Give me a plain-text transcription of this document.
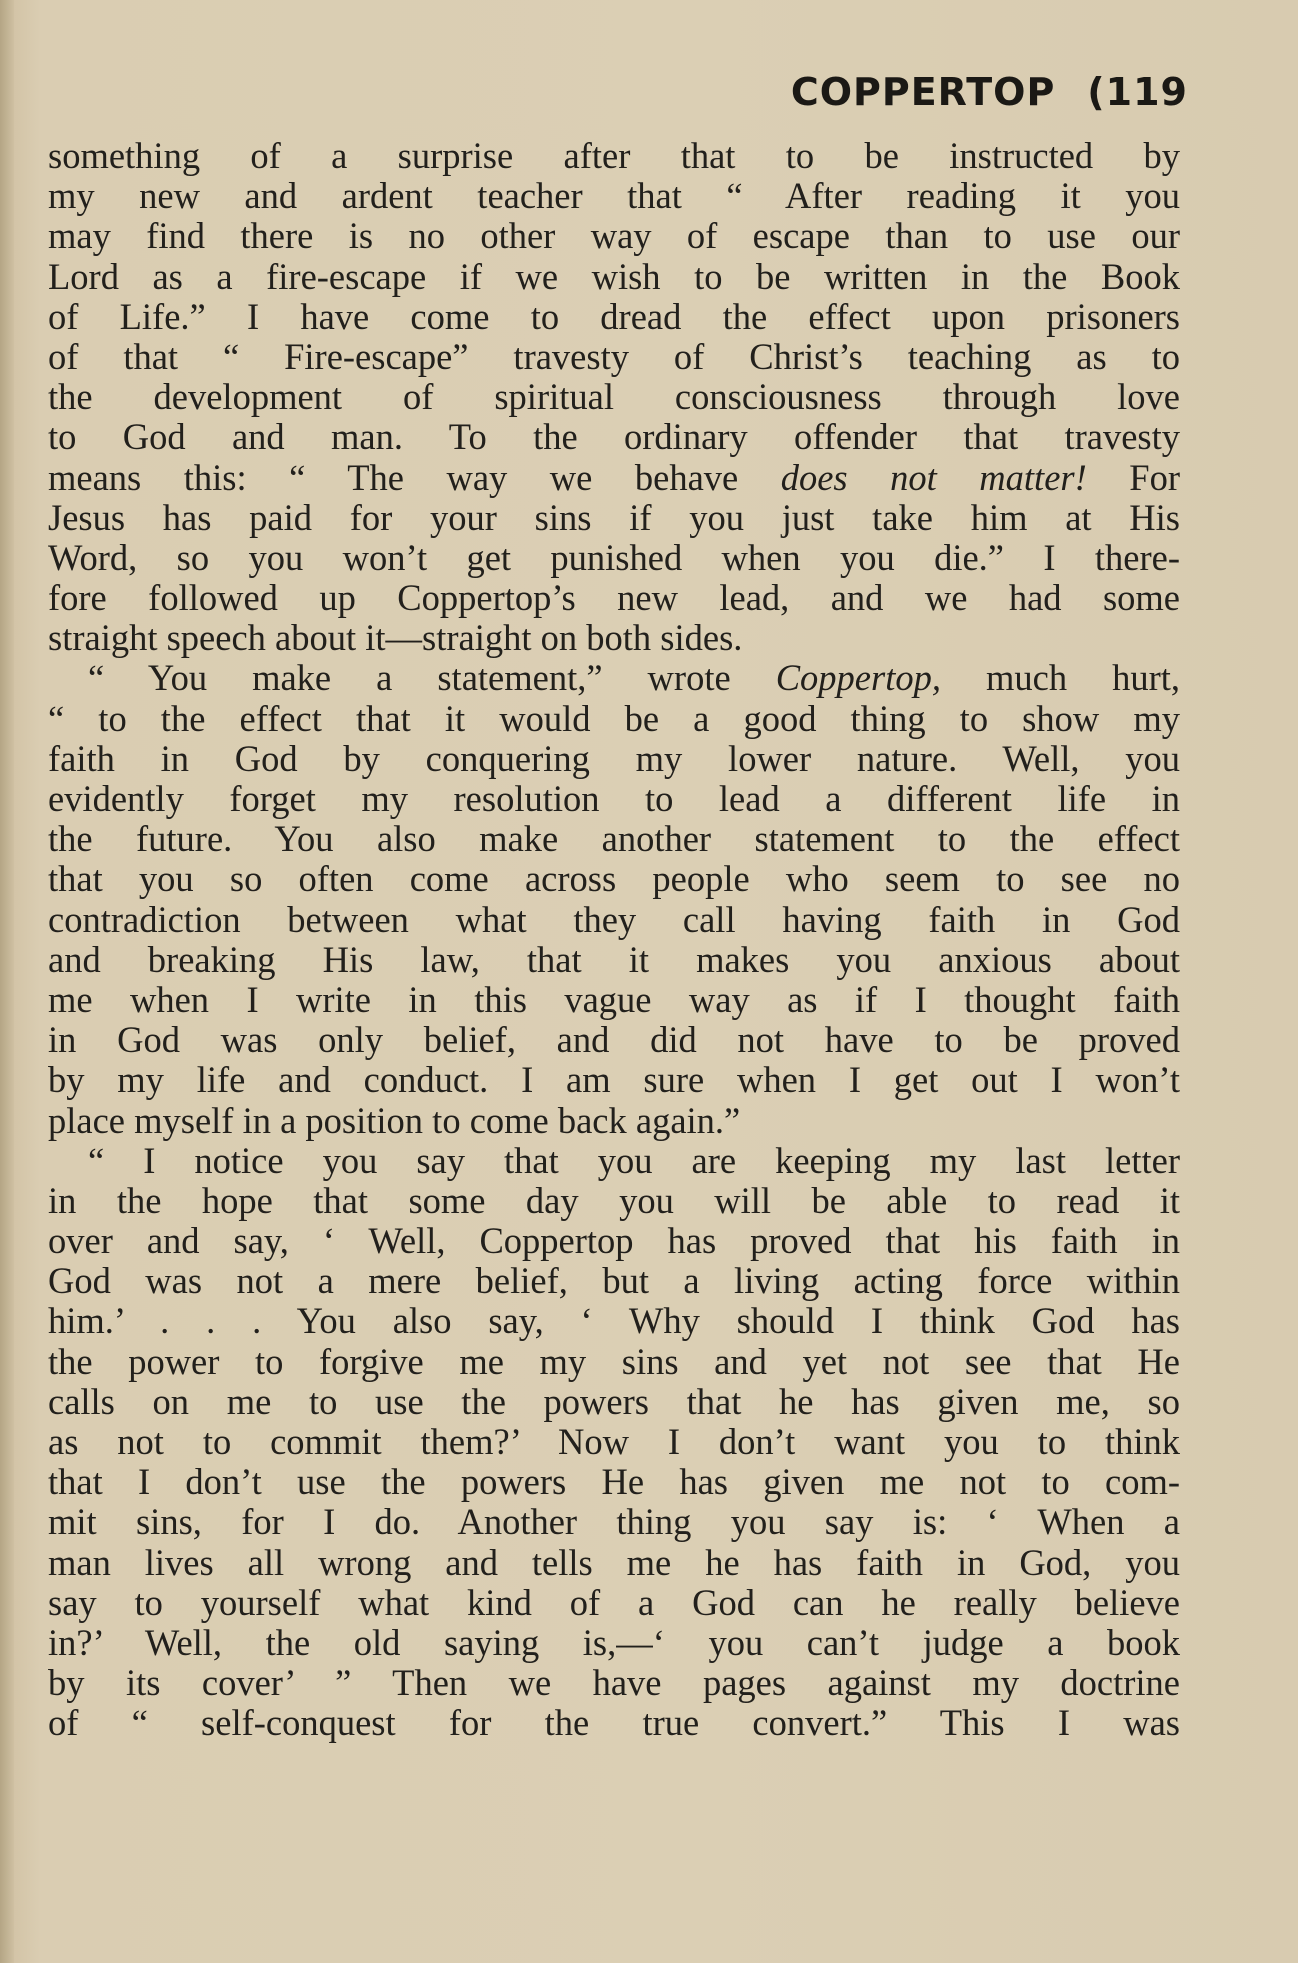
COPPERTOP (119
something of a surprise after that to be instructed by
my new and ardent teacher that “ After reading it you
may find there is no other way of escape than to use our
Lord as a fire-escape if we wish to be written in the Book
of Life.” I have come to dread the effect upon prisoners
of that “ Fire-escape” travesty of Christ’s teaching as to
the development of spiritual consciousness through love
to God and man. To the ordinary offender that travesty
means this: “ The way we behave does not matter! For
Jesus has paid for your sins if you just take him at His
Word, so you won’t get punished when you die.” I there-
fore followed up Coppertop’s new lead, and we had some
straight speech about it—straight on both sides.
“ You make a statement,” wrote Coppertop, much hurt,
“ to the effect that it would be a good thing to show my
faith in God by conquering my lower nature. Well, you
evidently forget my resolution to lead a different life in
the future. You also make another statement to the effect
that you so often come across people who seem to see no
contradiction between what they call having faith in God
and breaking His law, that it makes you anxious about
me when I write in this vague way as if I thought faith
in God was only belief, and did not have to be proved
by my life and conduct. I am sure when I get out I won’t
place myself in a position to come back again.”
“ I notice you say that you are keeping my last letter
in the hope that some day you will be able to read it
over and say, ‘ Well, Coppertop has proved that his faith in
God was not a mere belief, but a living acting force within
him.’ . . . You also say, ‘ Why should I think God has
the power to forgive me my sins and yet not see that He
calls on me to use the powers that he has given me, so
as not to commit them?’ Now I don’t want you to think
that I don’t use the powers He has given me not to com-
mit sins, for I do. Another thing you say is: ‘ When a
man lives all wrong and tells me he has faith in God, you
say to yourself what kind of a God can he really believe
in?’ Well, the old saying is,—‘ you can’t judge a book
by its cover’ ” Then we have pages against my doctrine
of “ self-conquest for the true convert.” This I was
